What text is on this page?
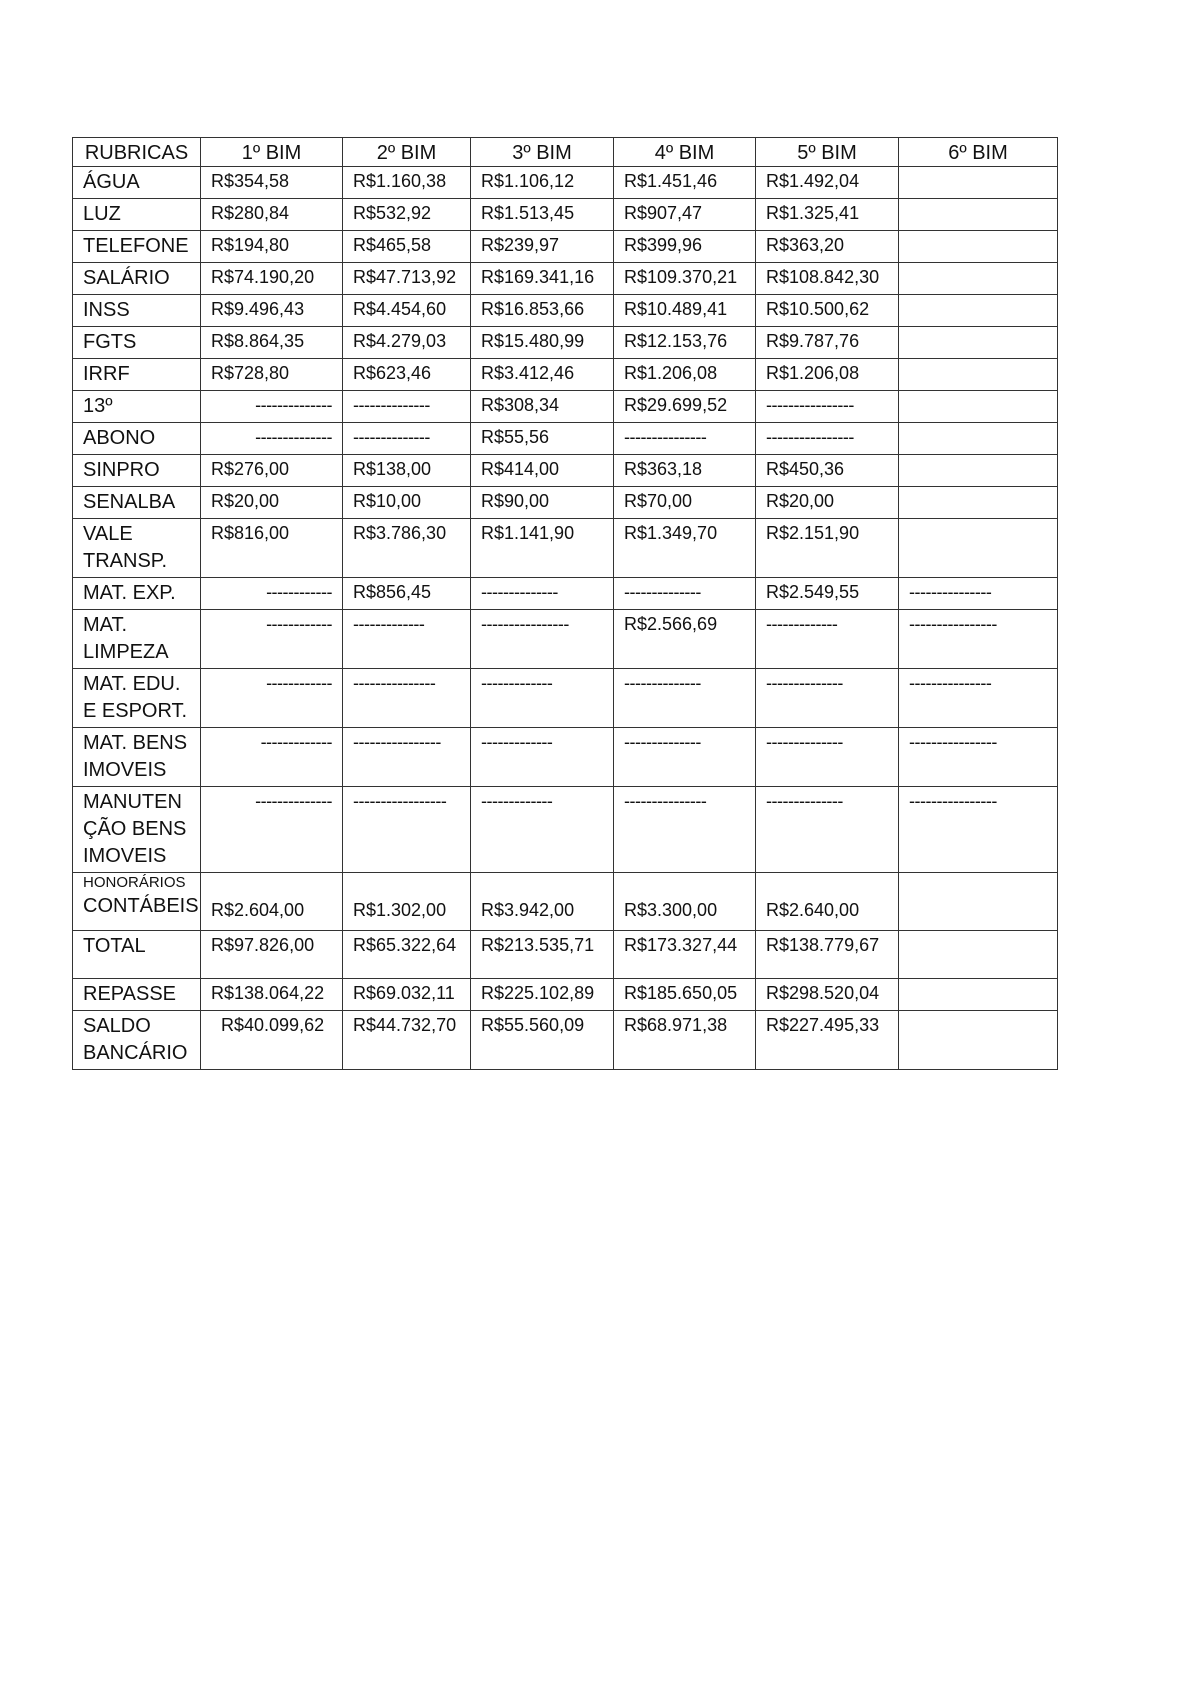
RUBRICAS	1º BIM	2º BIM	3º BIM	4º BIM	5º BIM	6º BIM

ÁGUA	R$354,58	R$1.160,38	R$1.106,12	R$1.451,46	R$1.492,04	

LUZ	R$280,84	R$532,92	R$1.513,45	R$907,47	R$1.325,41	

TELEFONE	R$194,80	R$465,58	R$239,97	R$399,96	R$363,20	

SALÁRIO	R$74.190,20	R$47.713,92	R$169.341,16	R$109.370,21	R$108.842,30	

INSS	R$9.496,43	R$4.454,60	R$16.853,66	R$10.489,41	R$10.500,62	

FGTS	R$8.864,35	R$4.279,03	R$15.480,99	R$12.153,76	R$9.787,76	

IRRF	R$728,80	R$623,46	R$3.412,46	R$1.206,08	R$1.206,08	

13º	--------------	--------------	R$308,34	R$29.699,52	----------------	

ABONO	--------------	--------------	R$55,56	---------------	----------------	

SINPRO	R$276,00	R$138,00	R$414,00	R$363,18	R$450,36	

SENALBA	R$20,00	R$10,00	R$90,00	R$70,00	R$20,00	

VALE
TRANSP.	R$816,00	R$3.786,30	R$1.141,90	R$1.349,70	R$2.151,90	

MAT. EXP.	------------	R$856,45	--------------	--------------	R$2.549,55	---------------

MAT.
LIMPEZA	------------	-------------	----------------	R$2.566,69	-------------	----------------

MAT. EDU.
E ESPORT.	------------	---------------	-------------	--------------	--------------	---------------

MAT. BENS
IMOVEIS	-------------	----------------	-------------	--------------	--------------	----------------

MANUTEN
ÇÃO BENS
IMOVEIS	--------------	-----------------	-------------	---------------	--------------	----------------

HONORÁRIOS
CONTÁBEIS	R$2.604,00	R$1.302,00	R$3.942,00	R$3.300,00	R$2.640,00	

TOTAL	R$97.826,00	R$65.322,64	R$213.535,71	R$173.327,44	R$138.779,67	

REPASSE	R$138.064,22	R$69.032,11	R$225.102,89	R$185.650,05	R$298.520,04	

SALDO
BANCÁRIO	R$40.099,62	R$44.732,70	R$55.560,09	R$68.971,38	R$227.495,33	
